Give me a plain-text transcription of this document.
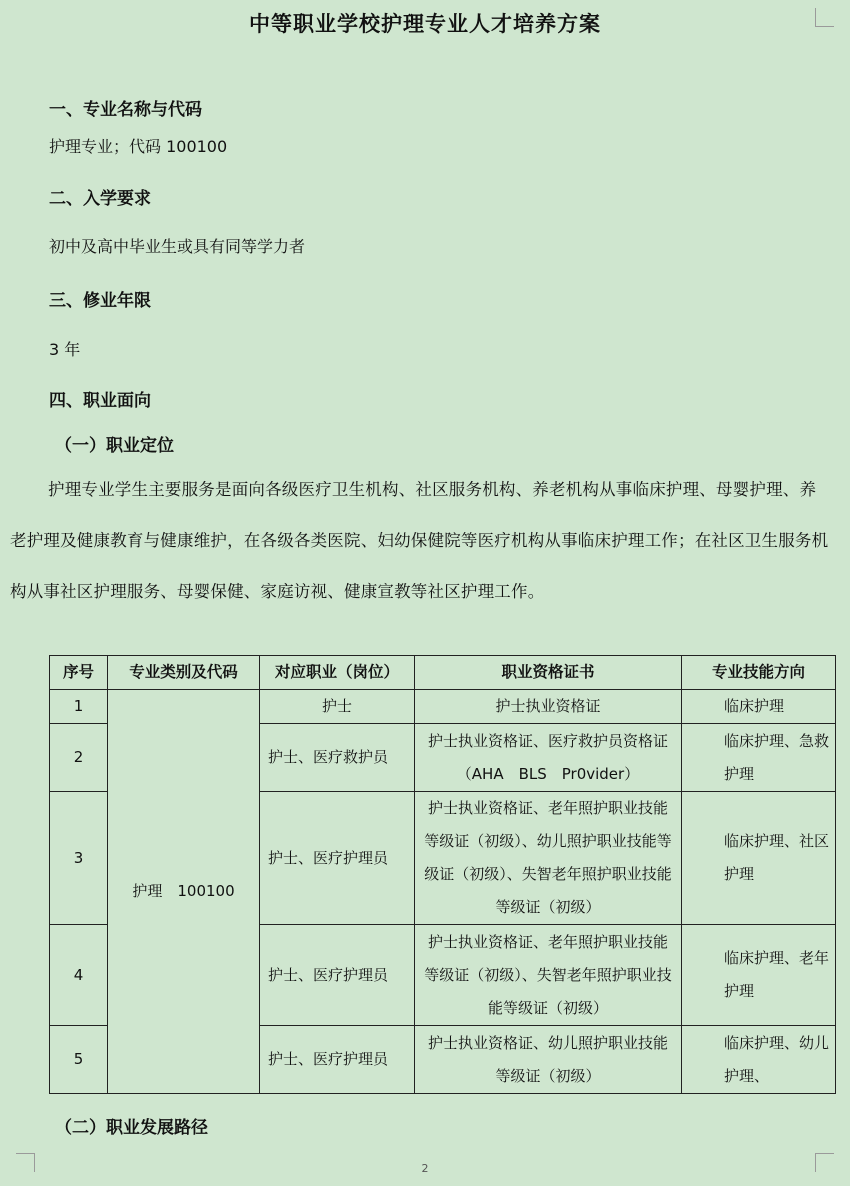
中等职业学校护理专业人才培养方案
一、专业名称与代码
护理专业；代码 100100
二、入学要求
初中及高中毕业生或具有同等学力者
三、修业年限
3 年
四、职业面向
（一）职业定位
护理专业学生主要服务是面向各级医疗卫生机构、社区服务机构、养老机构从事临床护理、母婴护理、养老护理及健康教育与健康维护，在各级各类医院、妇幼保健院等医疗机构从事临床护理工作；在社区卫生服务机构从事社区护理服务、母婴保健、家庭访视、健康宣教等社区护理工作。
序号	专业类别及代码	对应职业（岗位）	职业资格证书	专业技能方向
1	护理　100100	护士	护士执业资格证	临床护理
2		护士、医疗救护员	护士执业资格证、医疗救护员资格证（AHA　BLS　Pr0vider）	临床护理、急救护理
3		护士、医疗护理员	护士执业资格证、老年照护职业技能等级证（初级）、幼儿照护职业技能等级证（初级）、失智老年照护职业技能等级证（初级）	临床护理、社区护理
4		护士、医疗护理员	护士执业资格证、老年照护职业技能等级证（初级）、失智老年照护职业技能等级证（初级）	临床护理、老年护理
5		护士、医疗护理员	护士执业资格证、幼儿照护职业技能等级证（初级）	临床护理、幼儿护理、
（二）职业发展路径
2
